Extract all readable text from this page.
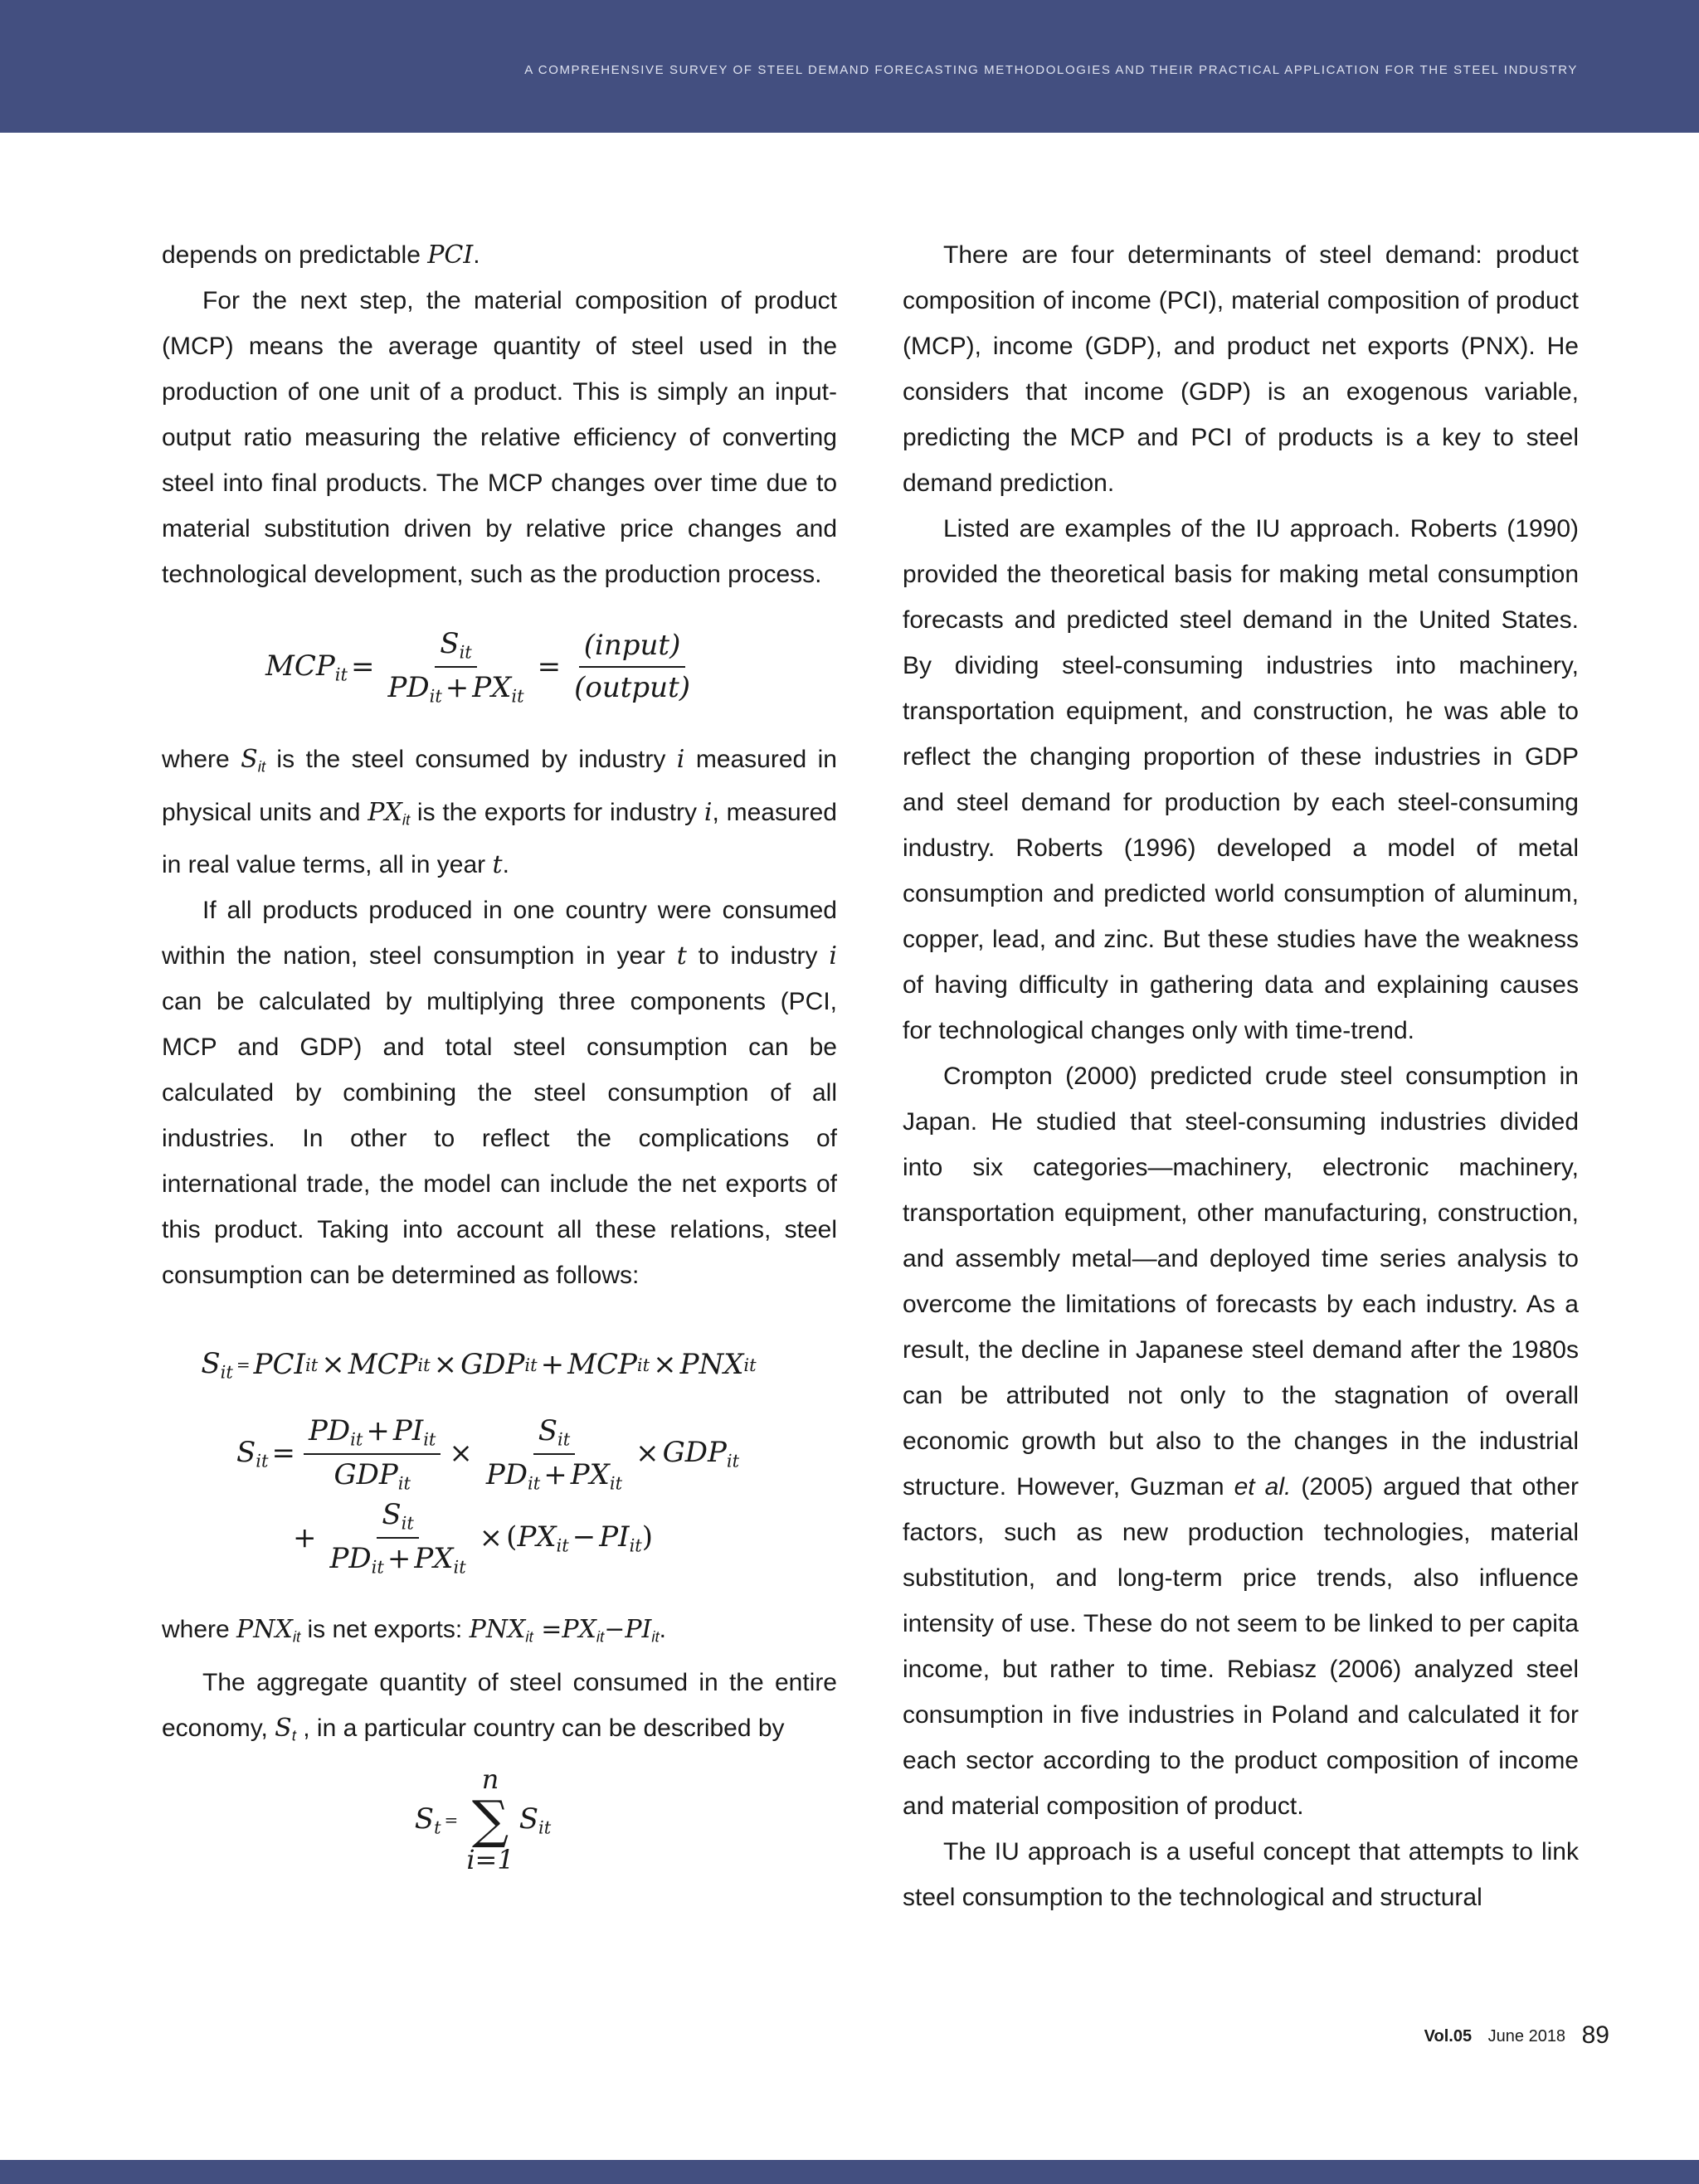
A COMPREHENSIVE SURVEY OF STEEL DEMAND FORECASTING METHODOLOGIES AND THEIR PRACTICAL APPLICATION FOR THE STEEL INDUSTRY

depends on predictable PCI.

For the next step, the material composition of product (MCP) means the average quantity of steel used in the production of one unit of a product. This is simply an input-output ratio measuring the relative efficiency of converting steel into final products. The MCP changes over time due to material substitution driven by relative price changes and technological development, such as the production process.

$MCP_{it} = \frac{S_{it}}{PD_{it} + PX_{it}} = \frac{\text{(input)}}{\text{(output)}}$

where $S_{it}$ is the steel consumed by industry i measured in physical units and $PX_{it}$ is the exports for industry i, measured in real value terms, all in year t.

If all products produced in one country were consumed within the nation, steel consumption in year t to industry i can be calculated by multiplying three components (PCI, MCP and GDP) and total steel consumption can be calculated by combining the steel consumption of all industries. In other to reflect the complications of international trade, the model can include the net exports of this product. Taking into account all these relations, steel consumption can be determined as follows:

$S_{it}$ = PCI it × MCP it × GDP it + MCP it × PNX it
$S_{it} = \frac{PD_{it} + PI_{it}}{GDP_{it}} \times \frac{S_{it}}{PD_{it} + PX_{it}} \times GDP_{it}$
+ $\frac{S_{it}}{PD_{it} + PX_{it}} \times (PX_{it} - PI_{it})$

where $PNX_{it}$ is net exports: $PNX_{it} =PX_{it}-PI_{it}$.

The aggregate quantity of steel consumed in the entire economy, $S_t$ , in a particular country can be described by

$S_t$ =
n
∑
i=1
$S_{it}$

There are four determinants of steel demand: product composition of income (PCI), material composition of product (MCP), income (GDP), and product net exports (PNX). He considers that income (GDP) is an exogenous variable, predicting the MCP and PCI of products is a key to steel demand prediction.

Listed are examples of the IU approach. Roberts (1990) provided the theoretical basis for making metal consumption forecasts and predicted steel demand in the United States. By dividing steel-consuming industries into machinery, transportation equipment, and construction, he was able to reflect the changing proportion of these industries in GDP and steel demand for production by each steel-consuming industry. Roberts (1996) developed a model of metal consumption and predicted world consumption of aluminum, copper, lead, and zinc. But these studies have the weakness of having difficulty in gathering data and explaining causes for technological changes only with time-trend.

Crompton (2000) predicted crude steel consumption in Japan. He studied that steel-consuming industries divided into six categories—machinery, electronic machinery, transportation equipment, other manufacturing, construction, and assembly metal—and deployed time series analysis to overcome the limitations of forecasts by each industry. As a result, the decline in Japanese steel demand after the 1980s can be attributed not only to the stagnation of overall economic growth but also to the changes in the industrial structure. However, Guzman et al. (2005) argued that other factors, such as new production technologies, material substitution, and long-term price trends, also influence intensity of use. These do not seem to be linked to per capita income, but rather to time. Rebiasz (2006) analyzed steel consumption in five industries in Poland and calculated it for each sector according to the product composition of income and material composition of product.

The IU approach is a useful concept that attempts to link steel consumption to the technological and structural

Vol.05 June 2018 89
